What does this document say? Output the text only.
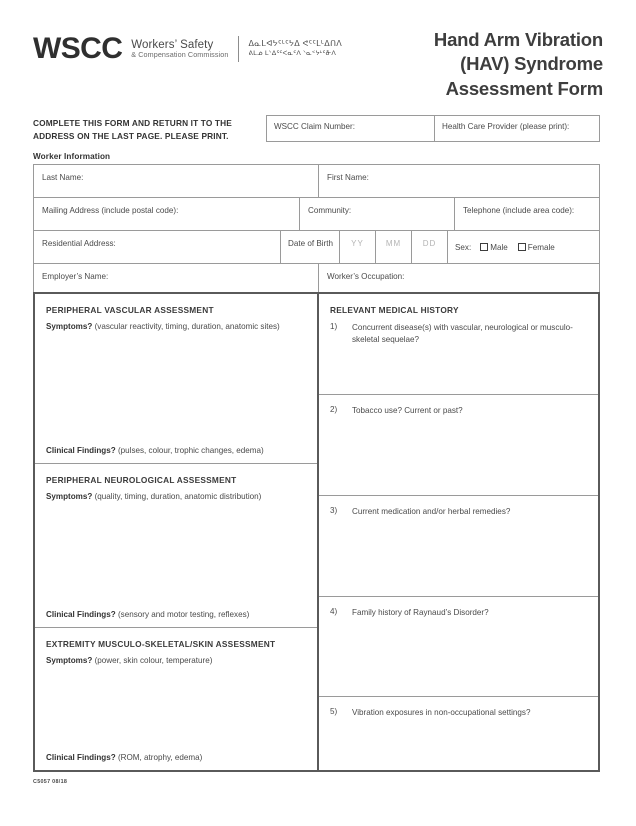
WSCC Workers’ Safety
& Compensation Commission
ᐃᓇᒪᐊᔭᑦᒻᑦᔭᐃ ᕙᑦᑦᒪᒻᐃᑎᐱ
ᕕᒪᓅ ᒪᐠᐃᕐᑦᐸᓇᑦᐱ ᐠᓇᑉᔭᒻᑦᓁᐱ
Hand Arm Vibration
(HAV) Syndrome
Assessment Form
COMPLETE THIS FORM AND RETURN IT TO THE
ADDRESS ON THE LAST PAGE. PLEASE PRINT.
WSCC Claim Number:	Health Care Provider (please print):
Worker Information
Last Name:	First Name:
Mailing Address (include postal code):	Community:	Telephone (include area code):
Residential Address:	Date of Birth	YY	MM	DD	Sex: Male Female
Employer’s Name:	Worker’s Occupation:
PERIPHERAL VASCULAR ASSESSMENT
Symptoms? (vascular reactivity, timing, duration, anatomic sites)
Clinical Findings? (pulses, colour, trophic changes, edema)
PERIPHERAL NEUROLOGICAL ASSESSMENT
Symptoms? (quality, timing, duration, anatomic distribution)
Clinical Findings? (sensory and motor testing, reflexes)
EXTREMITY MUSCULO-SKELETAL/SKIN ASSESSMENT
Symptoms? (power, skin colour, temperature)
Clinical Findings? (ROM, atrophy, edema)
RELEVANT MEDICAL HISTORY
1)	Concurrent disease(s) with vascular, neurological or musculo-skeletal sequelae?
2)	Tobacco use? Current or past?
3)	Current medication and/or herbal remedies?
4)	Family history of Raynaud’s Disorder?
5)	Vibration exposures in non-occupational settings?
C5057 08/18
